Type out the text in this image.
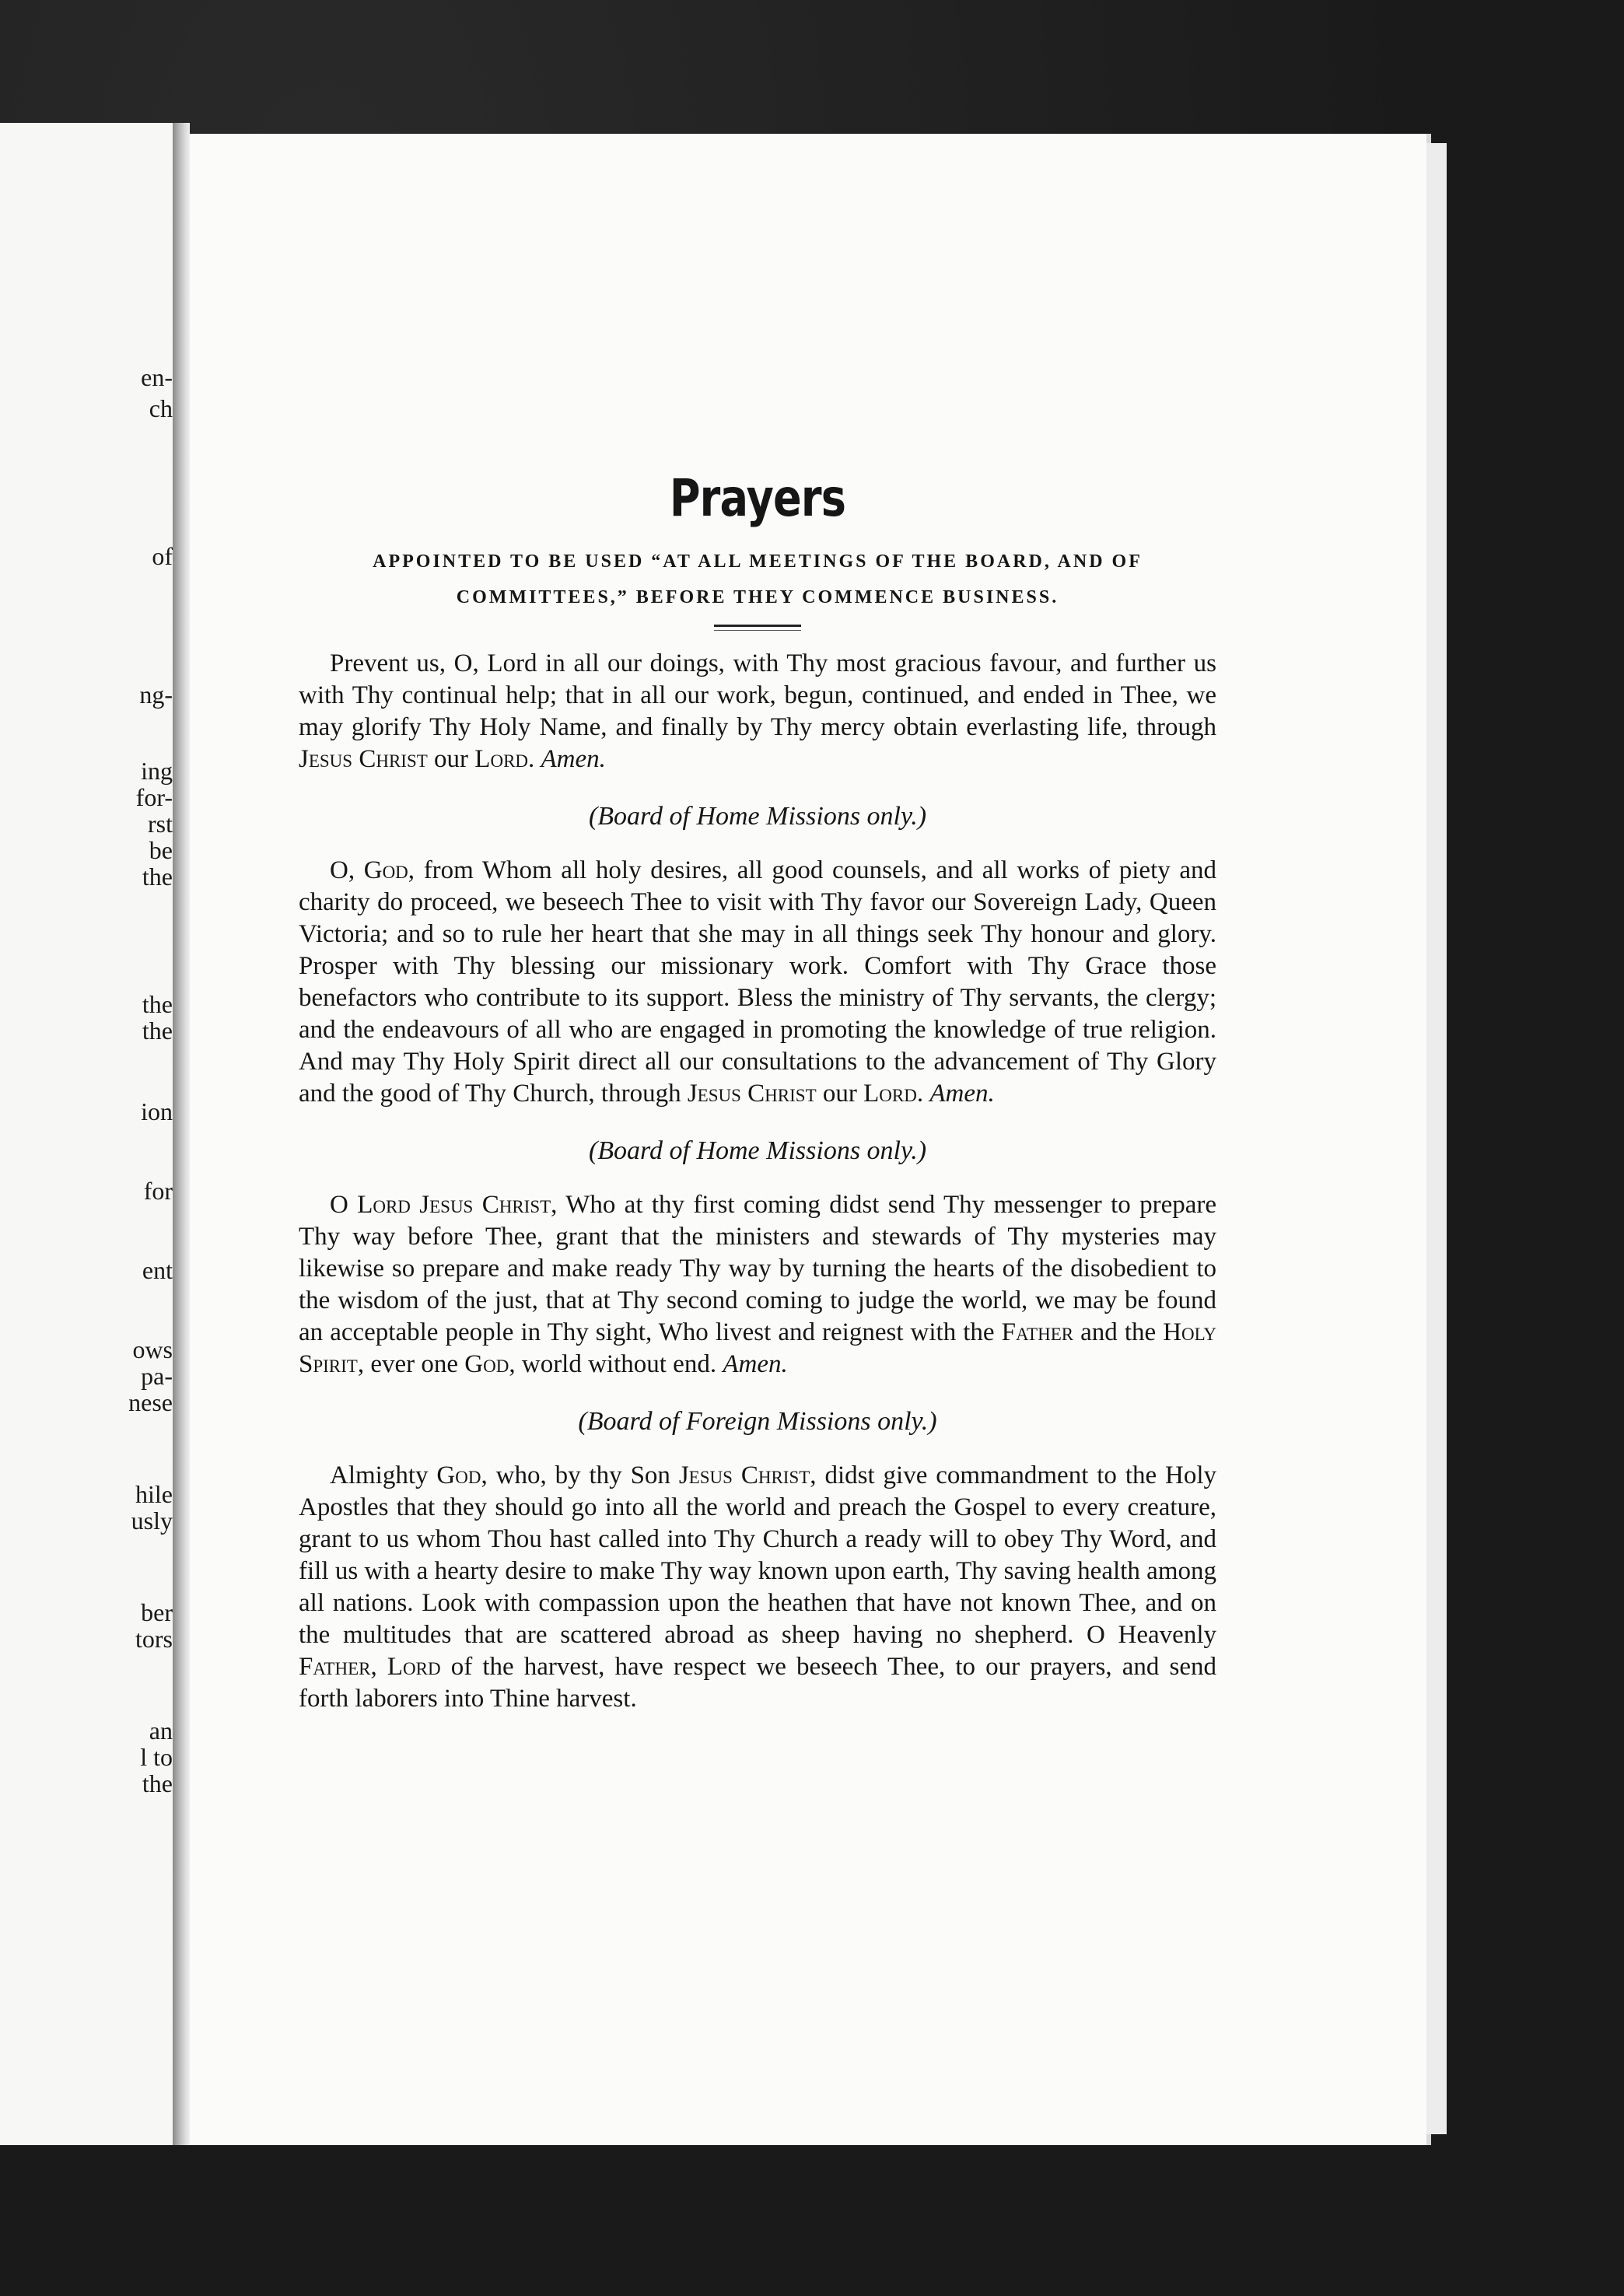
en-
ch
of
ng-
ing
for-
rst
be
the
the
the
ion
for
ent
ows
pa-
nese
hile
usly
ber
tors
an
l to
the
Prayers

APPOINTED TO BE USED “AT ALL MEETINGS OF THE BOARD, AND OF
COMMITTEES,” BEFORE THEY COMMENCE BUSINESS.

Prevent us, O, Lord in all our doings, with Thy most gracious favour, and further us with Thy continual help; that in all our work, begun, continued, and ended in Thee, we may glorify Thy Holy Name, and finally by Thy mercy obtain everlasting life, through Jesus Christ our Lord. Amen.

(Board of Home Missions only.)

O, God, from Whom all holy desires, all good counsels, and all works of piety and charity do proceed, we beseech Thee to visit with Thy favor our Sovereign Lady, Queen Victoria; and so to rule her heart that she may in all things seek Thy honour and glory. Prosper with Thy blessing our missionary work. Comfort with Thy Grace those benefactors who contribute to its support. Bless the ministry of Thy servants, the clergy; and the endeavours of all who are engaged in promoting the knowledge of true religion. And may Thy Holy Spirit direct all our consultations to the advancement of Thy Glory and the good of Thy Church, through Jesus Christ our Lord. Amen.

(Board of Home Missions only.)

O Lord Jesus Christ, Who at thy first coming didst send Thy messenger to prepare Thy way before Thee, grant that the ministers and stewards of Thy mysteries may likewise so prepare and make ready Thy way by turning the hearts of the disobedient to the wisdom of the just, that at Thy second coming to judge the world, we may be found an acceptable people in Thy sight, Who livest and reignest with the Father and the Holy Spirit, ever one God, world without end. Amen.

(Board of Foreign Missions only.)

Almighty God, who, by thy Son Jesus Christ, didst give commandment to the Holy Apostles that they should go into all the world and preach the Gospel to every creature, grant to us whom Thou hast called into Thy Church a ready will to obey Thy Word, and fill us with a hearty desire to make Thy way known upon earth, Thy saving health among all nations. Look with compassion upon the heathen that have not known Thee, and on the multitudes that are scattered abroad as sheep having no shepherd. O Heavenly Father, Lord of the harvest, have respect we beseech Thee, to our prayers, and send forth laborers into Thine harvest.
